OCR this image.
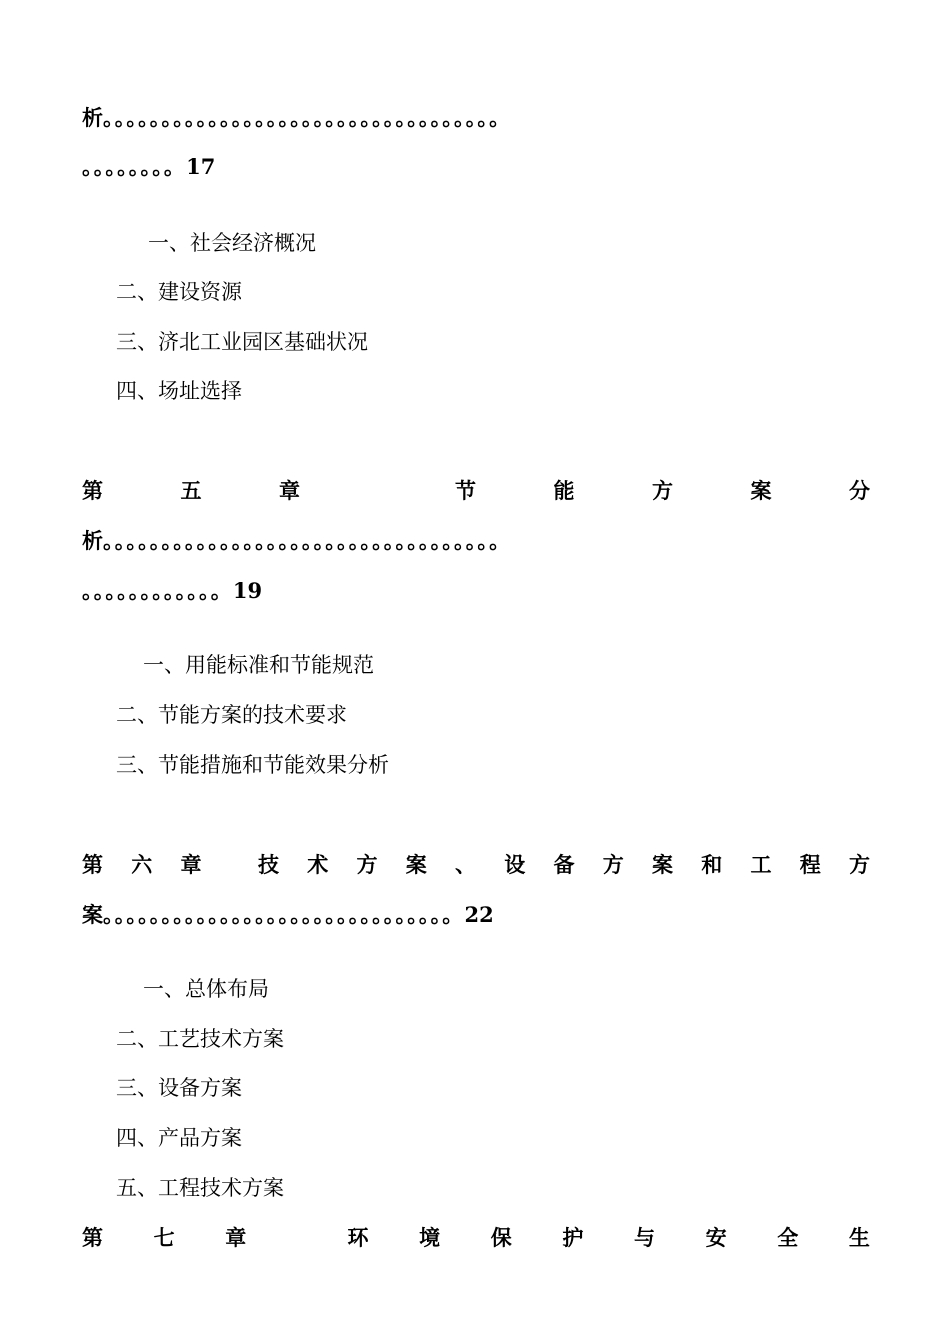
析。。。。。。。。。。。。。。。。。。。。。。。。。。。。。。。。。。
。。。。。。。。17
一、社会经济概况
二、建设资源
三、济北工业园区基础状况
四、场址选择
第	五	章	节	能	方	案	分
析。。。。。。。。。。。。。。。。。。。。。。。。。。。。。。。。。。
。。。。。。。。。。。。19
一、用能标准和节能规范
二、节能方案的技术要求
三、节能措施和节能效果分析
第 六 章	技 术 方 案 、 设 备 方 案 和 工 程 方
案。。。。。。。。。。。。。。。。。。。。。。。。。。。。。。22
一、总体布局
二、工艺技术方案
三、设备方案
四、产品方案
五、工程技术方案
第 七 章	环 境 保 护 与 安 全 生
